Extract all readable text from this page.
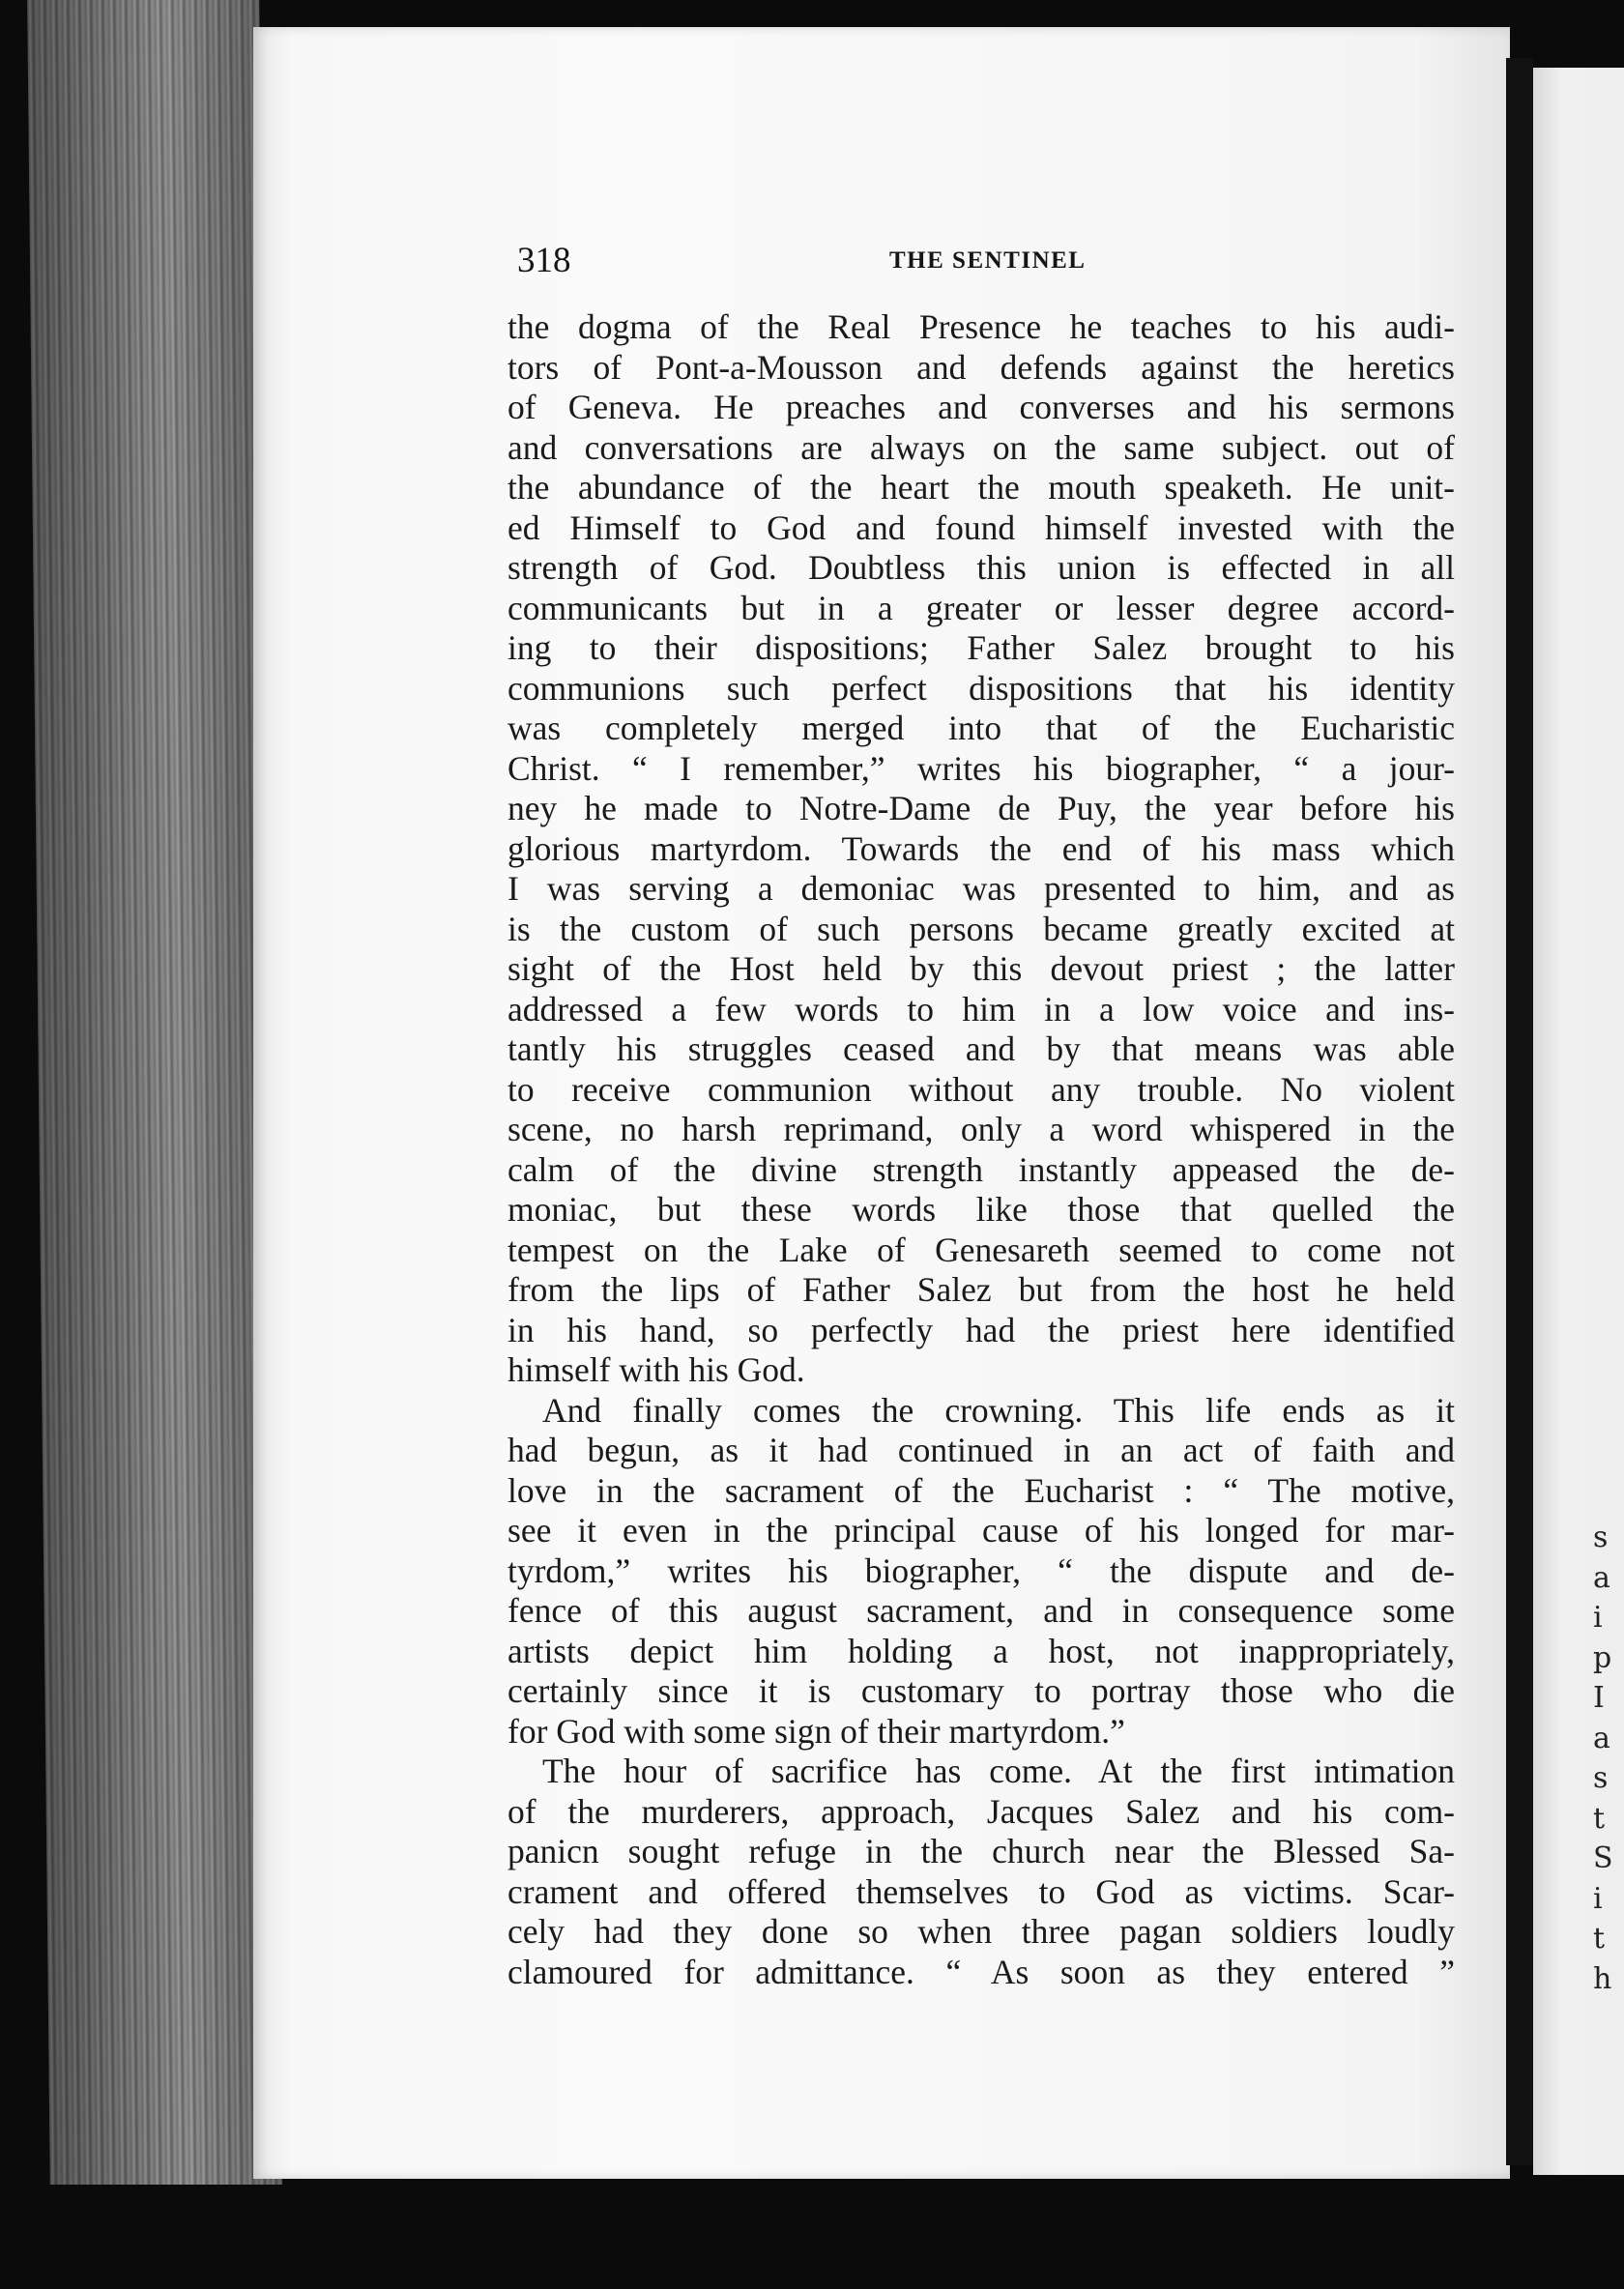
s
a
i
p
I
a
s
t
S
i
t
h
318	THE SENTINEL
the dogma of the Real Presence he teaches to his audi-
tors of Pont-a-Mousson and defends against the heretics
of Geneva. He preaches and converses and his sermons
and conversations are always on the same subject. out of
the abundance of the heart the mouth speaketh. He unit-
ed Himself to God and found himself invested with the
strength of God. Doubtless this union is effected in all
communicants but in a greater or lesser degree accord-
ing to their dispositions; Father Salez brought to his
communions such perfect dispositions that his identity
was completely merged into that of the Eucharistic
Christ. “ I remember,” writes his biographer, “ a jour-
ney he made to Notre-Dame de Puy, the year before his
glorious martyrdom. Towards the end of his mass which
I was serving a demoniac was presented to him, and as
is the custom of such persons became greatly excited at
sight of the Host held by this devout priest ; the latter
addressed a few words to him in a low voice and ins-
tantly his struggles ceased and by that means was able
to receive communion without any trouble. No violent
scene, no harsh reprimand, only a word whispered in the
calm of the divine strength instantly appeased the de-
moniac, but these words like those that quelled the
tempest on the Lake of Genesareth seemed to come not
from the lips of Father Salez but from the host he held
in his hand, so perfectly had the priest here identified
himself with his God.
And finally comes the crowning. This life ends as it
had begun, as it had continued in an act of faith and
love in the sacrament of the Eucharist : “ The motive,
see it even in the principal cause of his longed for mar-
tyrdom,” writes his biographer, “ the dispute and de-
fence of this august sacrament, and in consequence some
artists depict him holding a host, not inappropriately,
certainly since it is customary to portray those who die
for God with some sign of their martyrdom.”
The hour of sacrifice has come. At the first intimation
of the murderers, approach, Jacques Salez and his com-
panicn sought refuge in the church near the Blessed Sa-
crament and offered themselves to God as victims. Scar-
cely had they done so when three pagan soldiers loudly
clamoured for admittance. “ As soon as they entered ”
